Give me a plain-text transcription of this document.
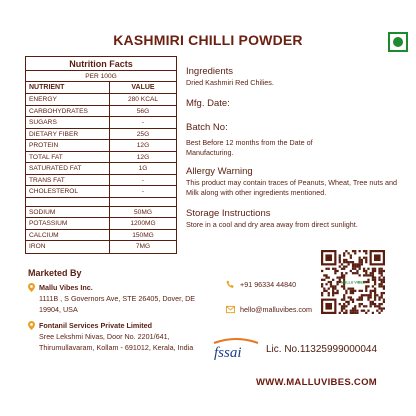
KASHMIRI CHILLI POWDER
Nutrition Facts
PER 100G
NUTRIENT	VALUE
ENERGY	280 KCAL
CARBOHYDRATES	56G
SUGARS	-
DIETARY FIBER	25G
PROTEIN	12G
TOTAL FAT	12G
SATURATED FAT	1G
TRANS FAT	-
CHOLESTEROL	-
SODIUM	50MG
POTASSIUM	1200MG
CALCIUM	150MG
IRON	7MG
Ingredients
Dried Kashmiri Red Chilies.
Mfg. Date:
Batch No:
Best Before 12 months from the Date of Manufacturing.
Allergy Warning
This product may contain traces of Peanuts, Wheat, Tree nuts and Milk along with other ingredients mentioned.
Storage Instructions
Store in a cool and dry area away from direct sunlight.
Marketed By
Mallu Vibes Inc.
1111B , S Governors Ave, STE 26405, Dover, DE 19904, USA
Fontanil Services Private Limited
Sree Lekshmi Nivas, Door No. 2201/641, Thirumullavaram, Kollam - 691012, Kerala, India
+91 96334 44840
hello@malluvibes.com
MALLU VIBES
fssai Lic. No.11325999000044
WWW.MALLUVIBES.COM
